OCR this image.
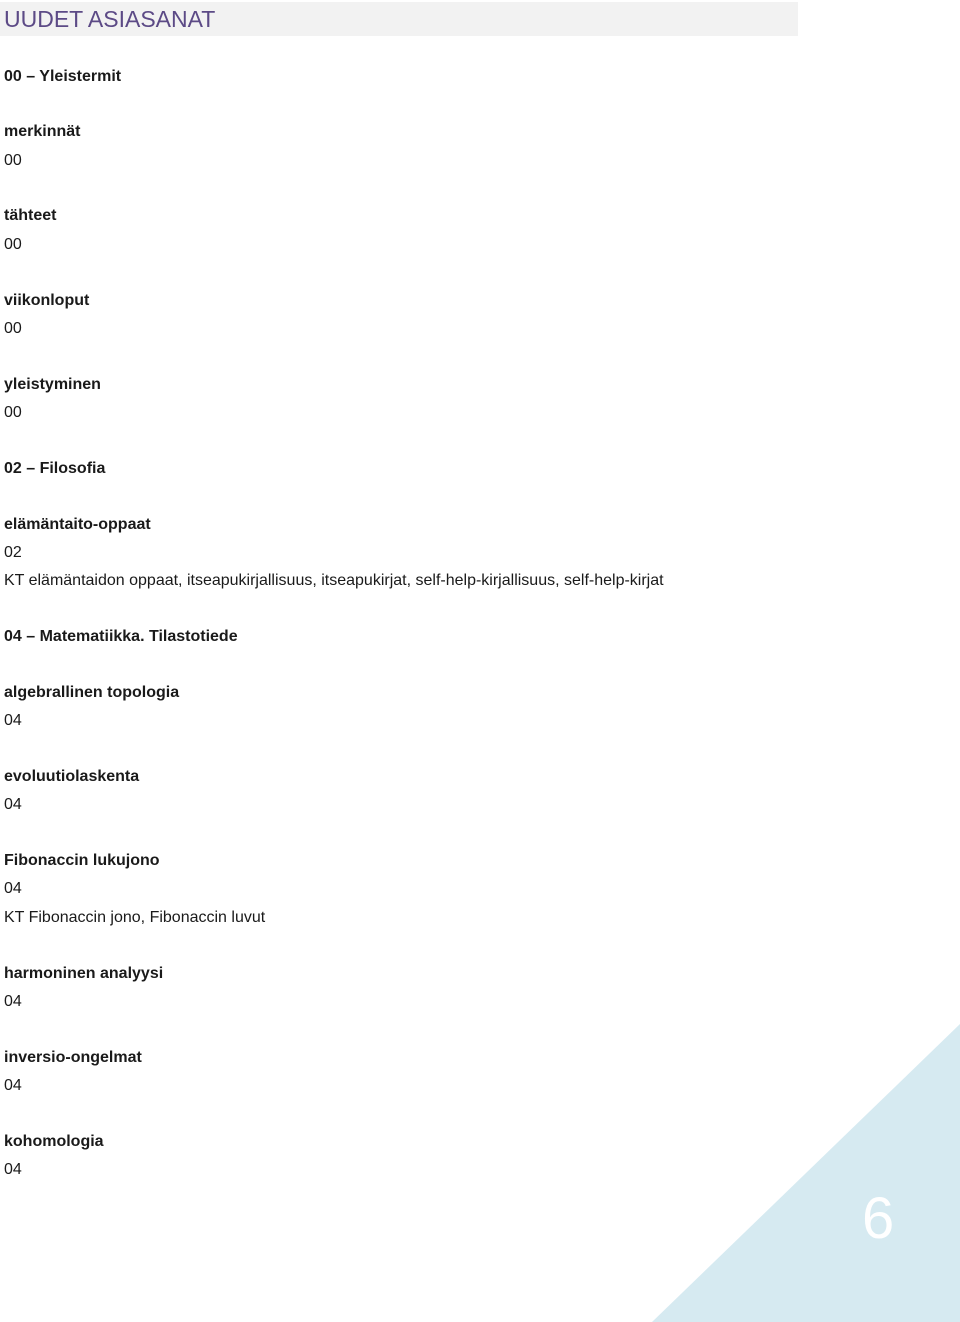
UUDET ASIASANAT
00 – Yleistermit
merkinnät
00
tähteet
00
viikonloput
00
yleistyminen
00
02 – Filosofia
elämäntaito-oppaat
02
KT elämäntaidon oppaat, itseapukirjallisuus, itseapukirjat, self-help-kirjallisuus, self-help-kirjat
04 – Matematiikka. Tilastotiede
algebrallinen topologia
04
evoluutiolaskenta
04
Fibonaccin lukujono
04
KT Fibonaccin jono, Fibonaccin luvut
harmoninen analyysi
04
inversio-ongelmat
04
kohomologia
04
6
